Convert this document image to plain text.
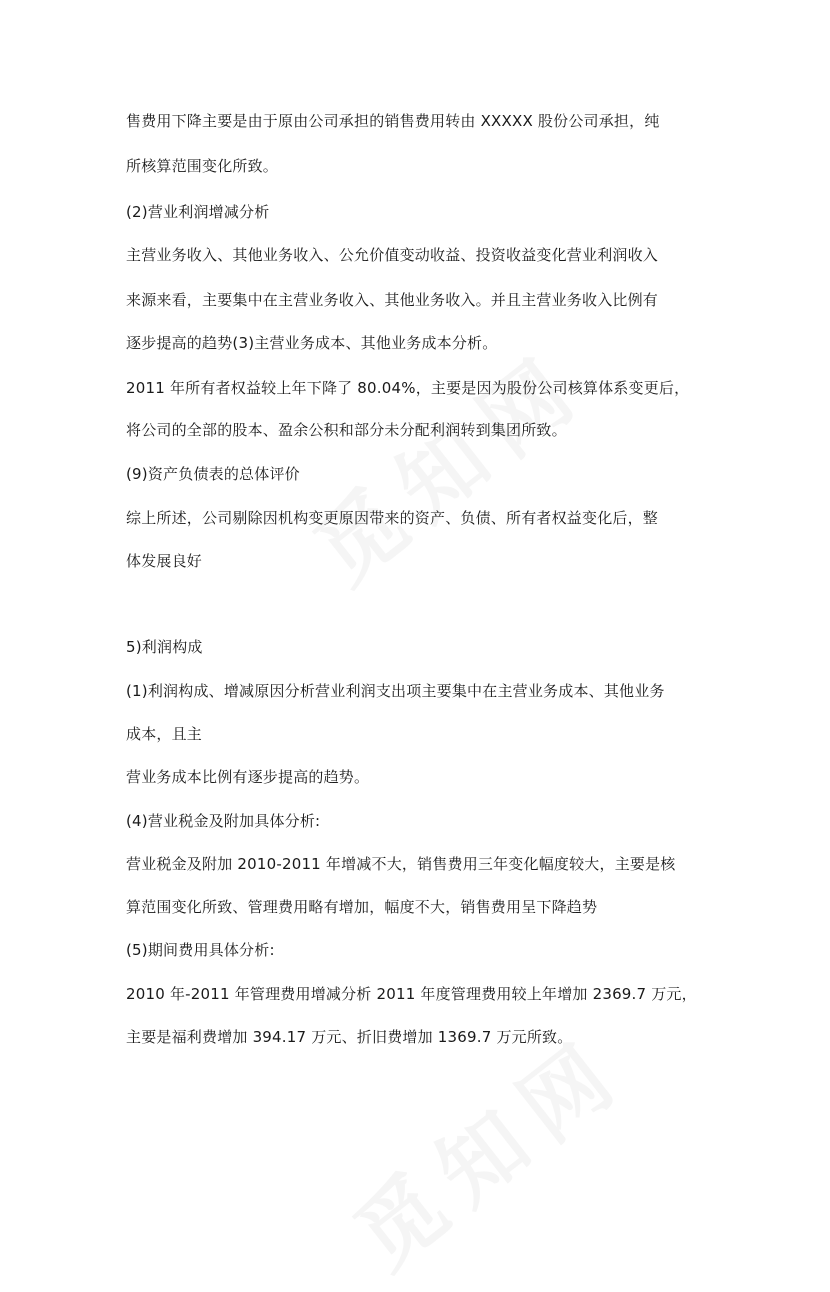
售费用下降主要是由于原由公司承担的销售费用转由 XXXXX 股份公司承担，纯
所核算范围变化所致。
(2)营业利润增减分析
主营业务收入、其他业务收入、公允价值变动收益、投资收益变化营业利润收入
来源来看，主要集中在主营业务收入、其他业务收入。并且主营业务收入比例有
逐步提高的趋势(3)主营业务成本、其他业务成本分析。
2011 年所有者权益较上年下降了 80.04%，主要是因为股份公司核算体系变更后，
将公司的全部的股本、盈余公积和部分未分配利润转到集团所致。
(9)资产负债表的总体评价
综上所述，公司剔除因机构变更原因带来的资产、负债、所有者权益变化后，整
体发展良好
5)利润构成
(1)利润构成、增减原因分析营业利润支出项主要集中在主营业务成本、其他业务
成本，且主
营业务成本比例有逐步提高的趋势。
(4)营业税金及附加具体分析:
营业税金及附加 2010-2011 年增减不大，销售费用三年变化幅度较大，主要是核
算范围变化所致、管理费用略有增加，幅度不大，销售费用呈下降趋势
(5)期间费用具体分析:
2010 年-2011 年管理费用增减分析 2011 年度管理费用较上年增加 2369.7 万元，
主要是福利费增加 394.17 万元、折旧费增加 1369.7 万元所致。
